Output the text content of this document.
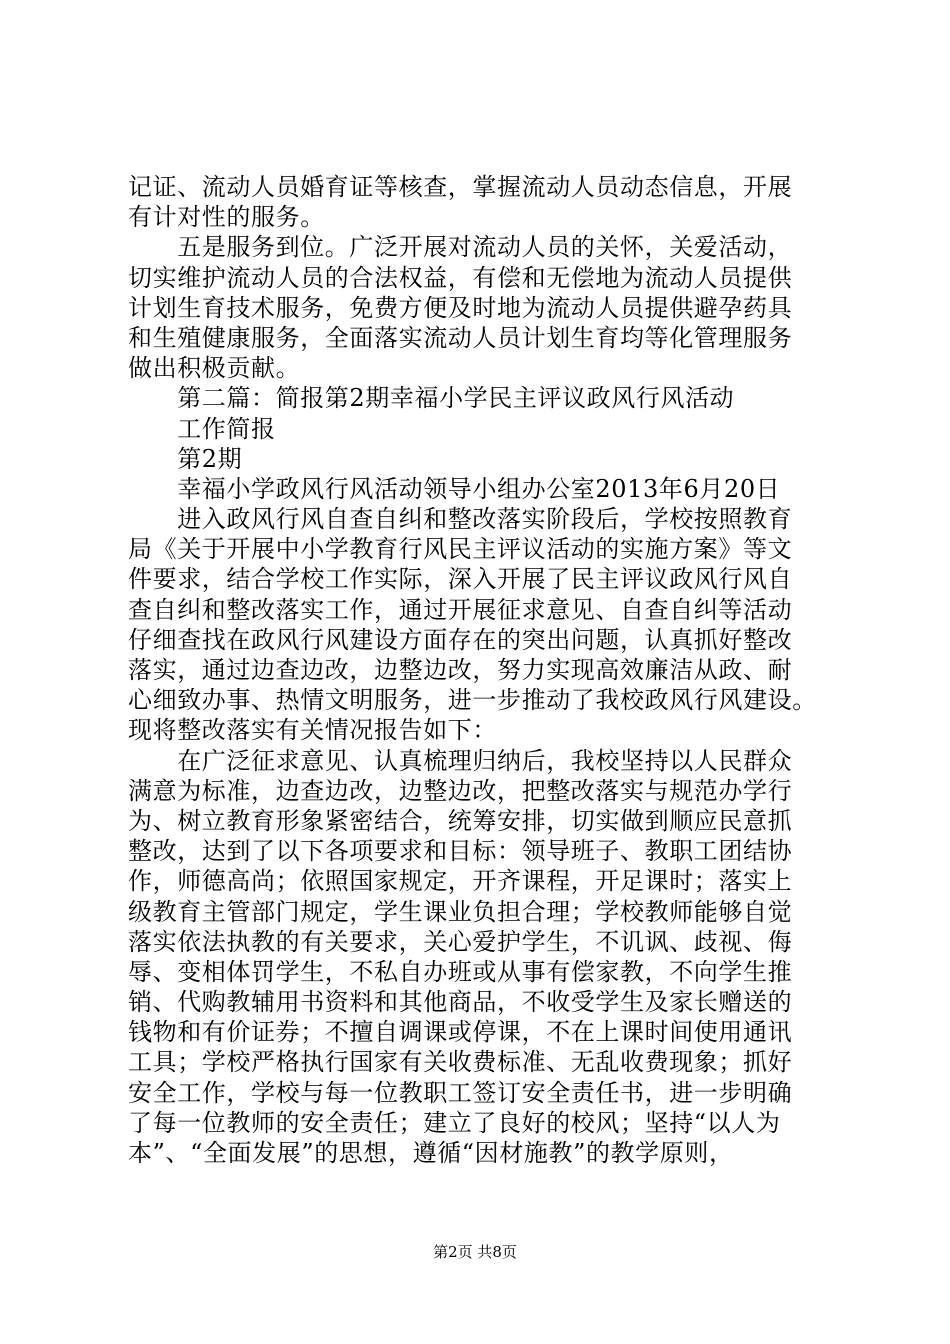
记证、流动人员婚育证等核查，掌握流动人员动态信息，开展
有计对性的服务。
　　五是服务到位。广泛开展对流动人员的关怀，关爱活动，
切实维护流动人员的合法权益，有偿和无偿地为流动人员提供
计划生育技术服务，免费方便及时地为流动人员提供避孕药具
和生殖健康服务，全面落实流动人员计划生育均等化管理服务
做出积极贡献。
　　第二篇：简报第2期幸福小学民主评议政风行风活动
　　工作简报
　　第2期
　　幸福小学政风行风活动领导小组办公室2013年6月20日
　　进入政风行风自查自纠和整改落实阶段后，学校按照教育
局《关于开展中小学教育行风民主评议活动的实施方案》等文
件要求，结合学校工作实际，深入开展了民主评议政风行风自
查自纠和整改落实工作，通过开展征求意见、自查自纠等活动
仔细查找在政风行风建设方面存在的突出问题，认真抓好整改
落实，通过边查边改，边整边改，努力实现高效廉洁从政、耐
心细致办事、热情文明服务，进一步推动了我校政风行风建设。
现将整改落实有关情况报告如下：
　　在广泛征求意见、认真梳理归纳后，我校坚持以人民群众
满意为标准，边查边改，边整边改，把整改落实与规范办学行
为、树立教育形象紧密结合，统筹安排，切实做到顺应民意抓
整改，达到了以下各项要求和目标：领导班子、教职工团结协
作，师德高尚；依照国家规定，开齐课程，开足课时；落实上
级教育主管部门规定，学生课业负担合理；学校教师能够自觉
落实依法执教的有关要求，关心爱护学生，不讥讽、歧视、侮
辱、变相体罚学生，不私自办班或从事有偿家教，不向学生推
销、代购教辅用书资料和其他商品，不收受学生及家长赠送的
钱物和有价证券；不擅自调课或停课，不在上课时间使用通讯
工具；学校严格执行国家有关收费标准、无乱收费现象；抓好
安全工作，学校与每一位教职工签订安全责任书，进一步明确
了每一位教师的安全责任；建立了良好的校风；坚持“以人为
本”、“全面发展”的思想，遵循“因材施教”的教学原则，
第2页 共8页
